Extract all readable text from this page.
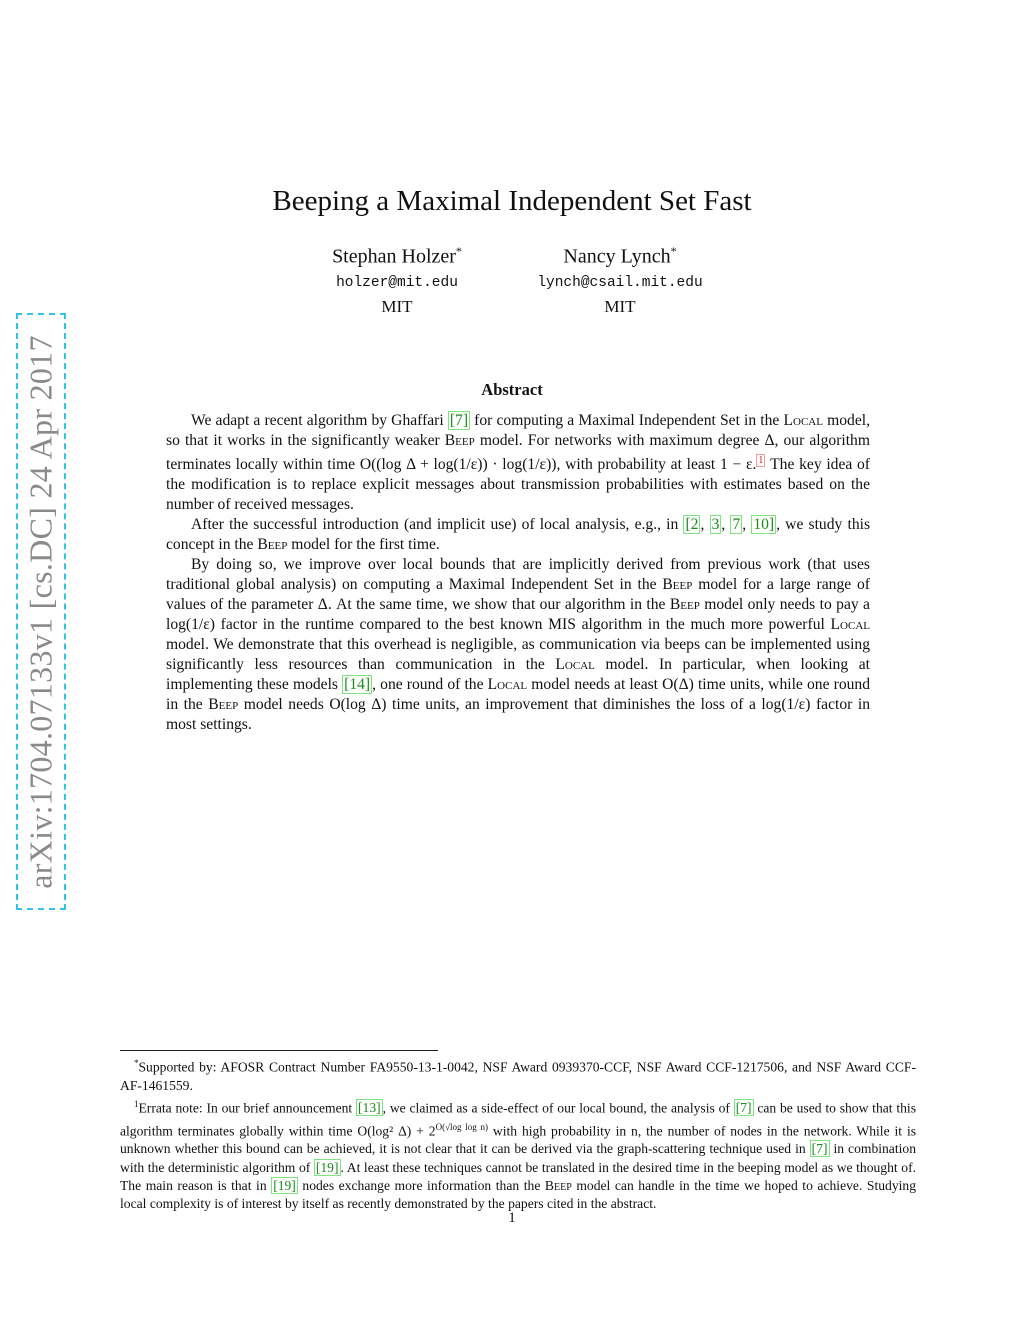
arXiv:1704.07133v1 [cs.DC] 24 Apr 2017
Beeping a Maximal Independent Set Fast
Stephan Holzer*
holzer@mit.edu
MIT
Nancy Lynch*
lynch@csail.mit.edu
MIT
Abstract

We adapt a recent algorithm by Ghaffari [7] for computing a Maximal Independent Set in the Local model, so that it works in the significantly weaker Beep model. For networks with maximum degree Δ, our algorithm terminates locally within time O((log Δ + log(1/ε)) · log(1/ε)), with probability at least 1 − ε. $^1$ The key idea of the modification is to replace explicit messages about transmission probabilities with estimates based on the number of received messages.

After the successful introduction (and implicit use) of local analysis, e.g., in [2 , 3 , 7 , 10] , we study this concept in the Beep model for the first time.

By doing so, we improve over local bounds that are implicitly derived from previous work (that uses traditional global analysis) on computing a Maximal Independent Set in the Beep model for a large range of values of the parameter Δ. At the same time, we show that our algorithm in the Beep model only needs to pay a log(1/ε) factor in the runtime compared to the best known MIS algorithm in the much more powerful Local model. We demonstrate that this overhead is negligible, as communication via beeps can be implemented using significantly less resources than communication in the Local model. In particular, when looking at implementing these models [14] , one round of the Local model needs at least O(Δ) time units, while one round in the Beep model needs O(log Δ) time units, an improvement that diminishes the loss of a log(1/ε) factor in most settings.

*Supported by: AFOSR Contract Number FA9550-13-1-0042, NSF Award 0939370-CCF, NSF Award CCF-1217506, and NSF Award CCF-AF-1461559.

$^1$Errata note: In our brief announcement [13] , we claimed as a side-effect of our local bound, the analysis of [7] can be used to show that this algorithm terminates globally within time O(log² $\Delta) + 2^{O(√log log n)}$ with high probability in n, the number of nodes in the network. While it is unknown whether this bound can be achieved, it is not clear that it can be derived via the graph-scattering technique used in [7] in combination with the deterministic algorithm of [19] . At least these techniques cannot be translated in the desired time in the beeping model as we thought of. The main reason is that in [19] nodes exchange more information than the Beep model can handle in the time we hoped to achieve. Studying local complexity is of interest by itself as recently demonstrated by the papers cited in the abstract.

1
